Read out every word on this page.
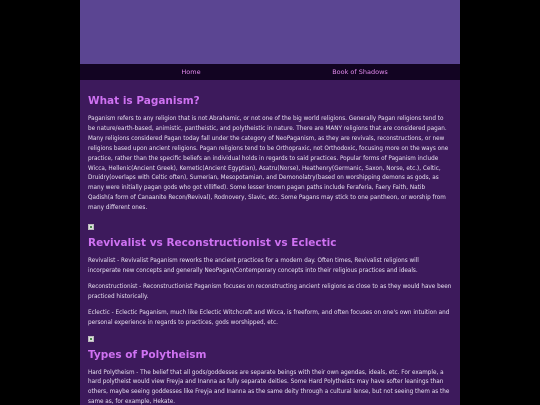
Home	Book of Shadows
What is Paganism?

Paganism refers to any religion that is not Abrahamic, or not one of the big world religions. Generally Pagan religions tend to be nature/earth-based, animistic, pantheistic, and polytheistic in nature. There are MANY religions that are considered pagan. Many religions considered Pagan today fall under the category of NeoPaganism, as they are revivals, reconstructions, or new religions based upon ancient religions. Pagan religions tend to be Orthopraxic, not Orthodoxic, focusing more on the ways one practice, rather than the specific beliefs an individual holds in regards to said practices. Popular forms of Paganism include Wicca, Hellenic(Ancient Greek), Kemetic(Ancient Egyptian), Asatru(Norse), Heathenry(Germanic, Saxon, Norse, etc.), Celtic, Druidry(overlaps with Celtic often), Sumerian, Mesopotamian, and Demonolatry(based on worshipping demons as gods, as many were initially pagan gods who got villified). Some lesser known pagan paths include Feraferia, Faery Faith, Natib Qadish(a form of Canaanite Recon/Revival), Rodnovery, Slavic, etc. Some Pagans may stick to one pantheon, or worship from many different ones.

Revivalist vs Reconstructionist vs Eclectic

Revivalist - Revivalist Paganism reworks the ancient practices for a modern day. Often times, Revivalist religions will incorperate new concepts and generally NeoPagan/Contemporary concepts into their religious practices and ideals.

Reconstructionist - Reconstructionist Paganism focuses on reconstructing ancient religions as close to as they would have been practiced historically.

Eclectic - Eclectic Paganism, much like Eclectic Witchcraft and Wicca, is freeform, and often focuses on one's own intuition and personal experience in regards to practices, gods worshipped, etc.

Types of Polytheism

Hard Polytheism - The belief that all gods/goddesses are separate beings with their own agendas, ideals, etc. For example, a hard polytheist would view Freyja and Inanna as fully separate deities. Some Hard Polytheists may have softer leanings than others, maybe seeing goddesses like Freyja and Inanna as the same deity through a cultural lense, but not seeing them as the same as, for example, Hekate.
